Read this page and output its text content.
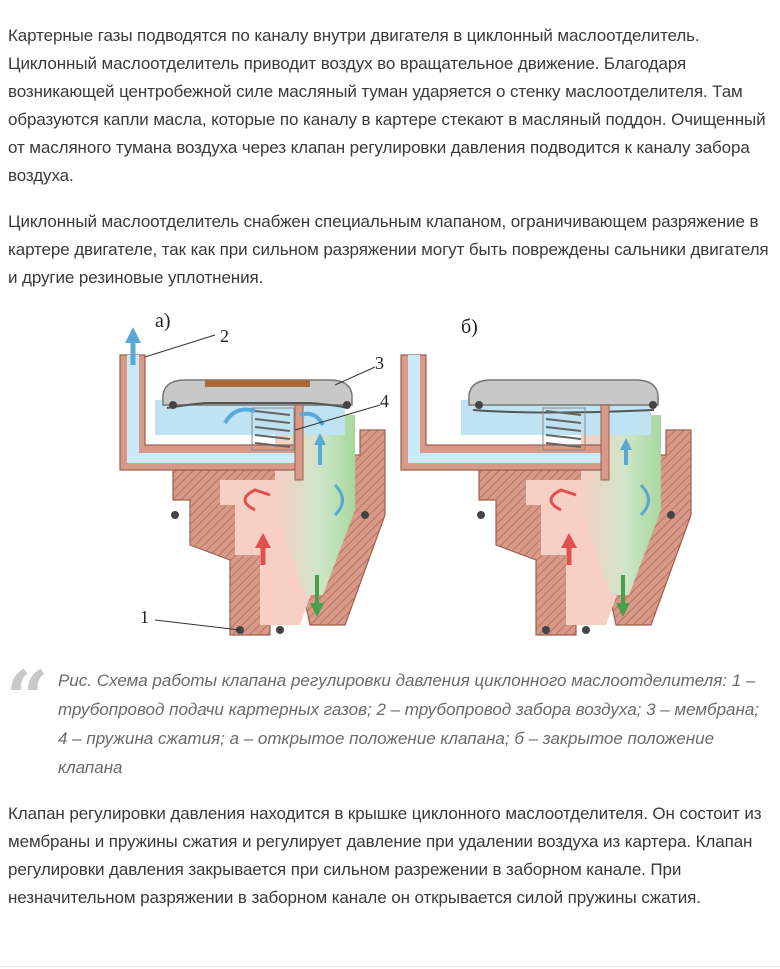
Картерные газы подводятся по каналу внутри двигателя в циклонный маслоотделитель. Циклонный маслоотделитель приводит воздух во вращательное движение. Благодаря возникающей центробежной силе масляный туман ударяется о стенку маслоотделителя. Там образуются капли масла, которые по каналу в картере стекают в масляный поддон. Очищенный от масляного тумана воздуха через клапан регулировки давления подводится к каналу забора воздуха.

Циклонный маслоотделитель снабжен специальным клапаном, ограничивающем разряжение в картере двигателе, так как при сильном разряжении могут быть повреждены сальники двигателя и другие резиновые уплотнения.

а)
2
3
4
1
б)
“ Рис. Схема работы клапана регулировки давления циклонного маслоотделителя: 1 – трубопровод подачи картерных газов; 2 – трубопровод забора воздуха; 3 – мембрана; 4 – пружина сжатия; а – открытое положение клапана; б – закрытое положение клапана

Клапан регулировки давления находится в крышке циклонного маслоотделителя. Он состоит из мембраны и пружины сжатия и регулирует давление при удалении воздуха из картера. Клапан регулировки давления закрывается при сильном разрежении в заборном канале. При незначительном разряжении в заборном канале он открывается силой пружины сжатия.
